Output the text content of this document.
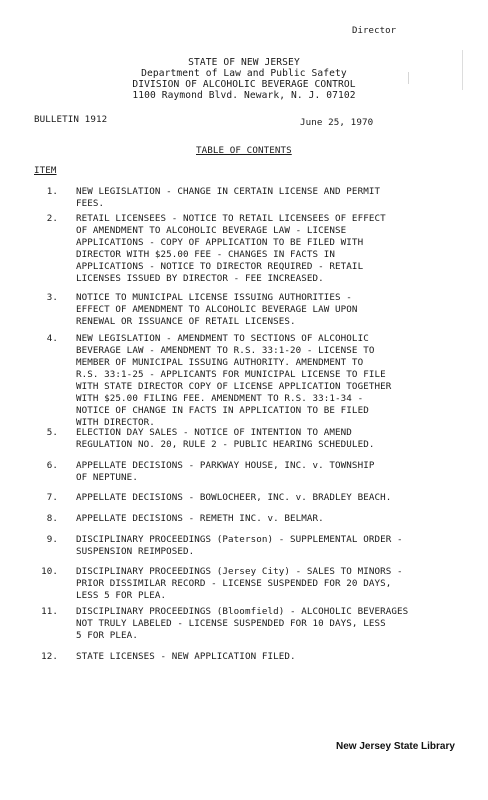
Director
STATE OF NEW JERSEY
Department of Law and Public Safety
DIVISION OF ALCOHOLIC BEVERAGE CONTROL
1100 Raymond Blvd. Newark, N. J. 07102
BULLETIN 1912	June 25, 1970
TABLE OF CONTENTS
ITEM
1. NEW LEGISLATION - CHANGE IN CERTAIN LICENSE AND PERMIT
FEES.
2. RETAIL LICENSEES - NOTICE TO RETAIL LICENSEES OF EFFECT
OF AMENDMENT TO ALCOHOLIC BEVERAGE LAW - LICENSE
APPLICATIONS - COPY OF APPLICATION TO BE FILED WITH
DIRECTOR WITH $25.00 FEE - CHANGES IN FACTS IN
APPLICATIONS - NOTICE TO DIRECTOR REQUIRED - RETAIL
LICENSES ISSUED BY DIRECTOR - FEE INCREASED.
3. NOTICE TO MUNICIPAL LICENSE ISSUING AUTHORITIES -
EFFECT OF AMENDMENT TO ALCOHOLIC BEVERAGE LAW UPON
RENEWAL OR ISSUANCE OF RETAIL LICENSES.
4. NEW LEGISLATION - AMENDMENT TO SECTIONS OF ALCOHOLIC
BEVERAGE LAW - AMENDMENT TO R.S. 33:1-20 - LICENSE TO
MEMBER OF MUNICIPAL ISSUING AUTHORITY. AMENDMENT TO
R.S. 33:1-25 - APPLICANTS FOR MUNICIPAL LICENSE TO FILE
WITH STATE DIRECTOR COPY OF LICENSE APPLICATION TOGETHER
WITH $25.00 FILING FEE. AMENDMENT TO R.S. 33:1-34 -
NOTICE OF CHANGE IN FACTS IN APPLICATION TO BE FILED
WITH DIRECTOR.
5. ELECTION DAY SALES - NOTICE OF INTENTION TO AMEND
REGULATION NO. 20, RULE 2 - PUBLIC HEARING SCHEDULED.
6. APPELLATE DECISIONS - PARKWAY HOUSE, INC. v. TOWNSHIP
OF NEPTUNE.
7. APPELLATE DECISIONS - BOWLOCHEER, INC. v. BRADLEY BEACH.
8. APPELLATE DECISIONS - REMETH INC. v. BELMAR.
9. DISCIPLINARY PROCEEDINGS (Paterson) - SUPPLEMENTAL ORDER -
SUSPENSION REIMPOSED.
10. DISCIPLINARY PROCEEDINGS (Jersey City) - SALES TO MINORS -
PRIOR DISSIMILAR RECORD - LICENSE SUSPENDED FOR 20 DAYS,
LESS 5 FOR PLEA.
11. DISCIPLINARY PROCEEDINGS (Bloomfield) - ALCOHOLIC BEVERAGES
NOT TRULY LABELED - LICENSE SUSPENDED FOR 10 DAYS, LESS
5 FOR PLEA.
12. STATE LICENSES - NEW APPLICATION FILED.
New Jersey State Library
